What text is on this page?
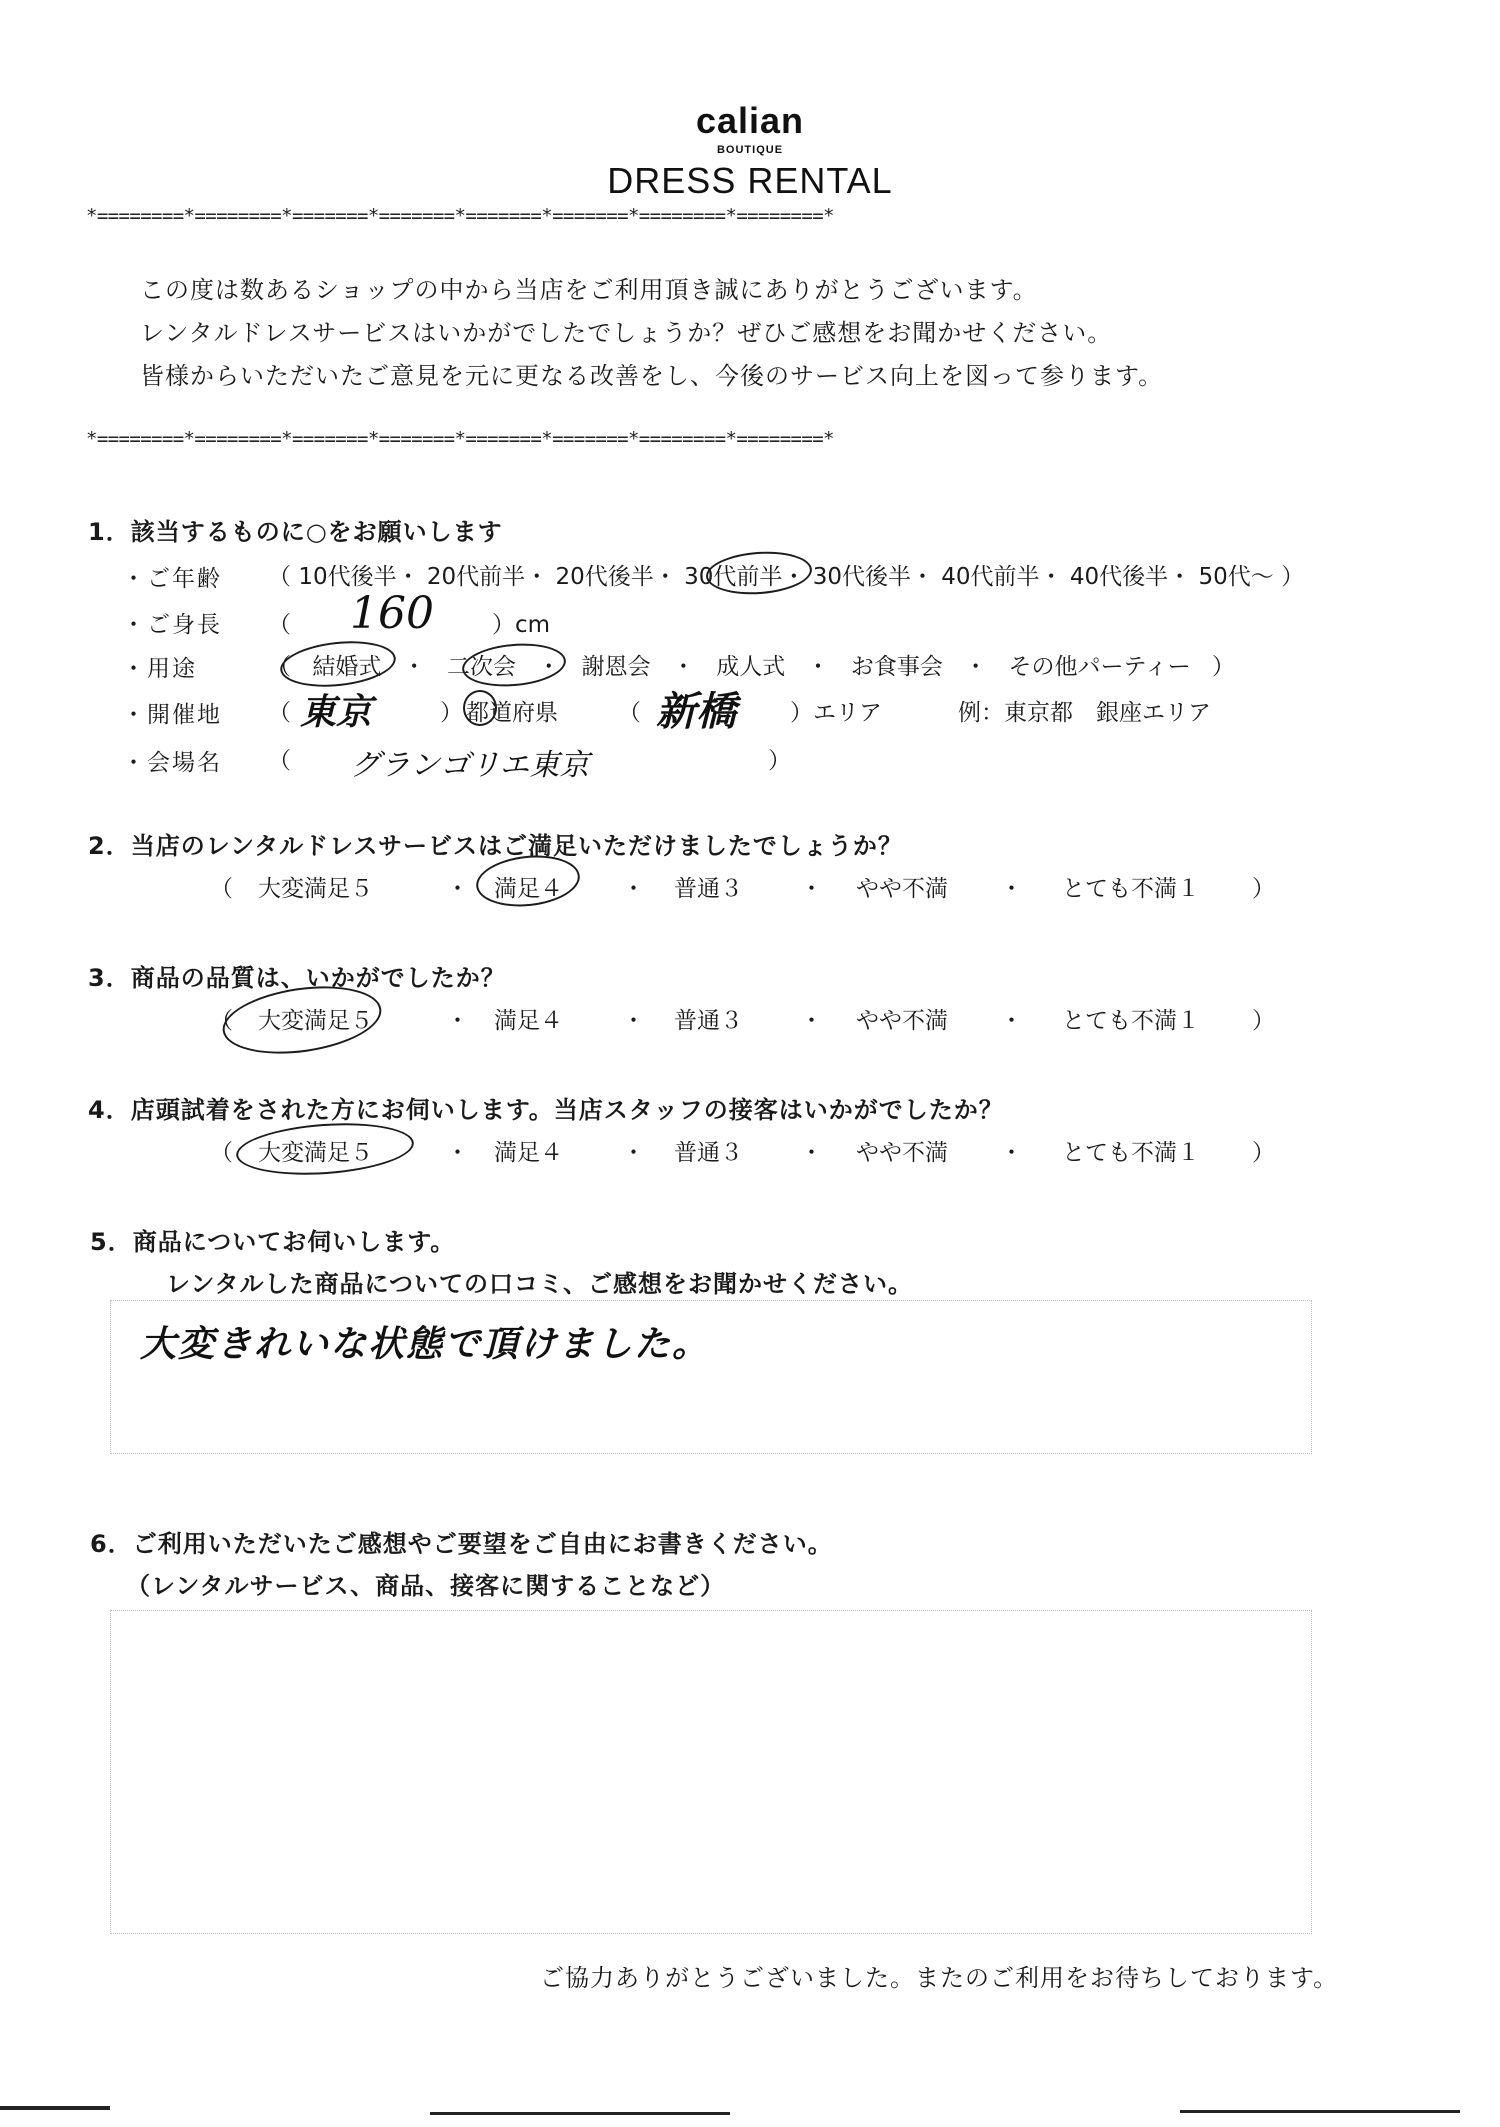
calian
BOUTIQUE
DRESS RENTAL
*========*========*=======*=======*=======*=======*========*========*
この度は数あるショップの中から当店をご利用頂き誠にありがとうございます。
レンタルドレスサービスはいかがでしたでしょうか？ぜひご感想をお聞かせください。
皆様からいただいたご意見を元に更なる改善をし、今後のサービス向上を図って参ります。
*========*========*=======*=======*=======*=======*========*========*
1．該当するものに○をお願いします
・ご年齢 （ 10代後半・ 20代前半・ 20代後半・ 30代前半・ 30代後半・ 40代前半・ 40代後半・ 50代～ ）
・ご身長 （ 160	）cm
・用途	（ 結婚式 ・ 二次会 ・ 謝恩会 ・ 成人式 ・ お食事会 ・ その他パーティー ）
・開催地 （ 東京	） 都道府県	（ 新橋 ）エリア	例：東京都　銀座エリア
・会場名 （ グランゴリエ東京	）
2．当店のレンタルドレスサービスはご満足いただけましたでしょうか？
（ 大変満足５	・ 満足４	・ 普通３ ・ やや不満 ・ とても不満１ ）
3．商品の品質は、いかがでしたか？
（ 大変満足５	・ 満足４	・ 普通３ ・ やや不満 ・ とても不満１ ）
4．店頭試着をされた方にお伺いします。当店スタッフの接客はいかがでしたか？
（ 大変満足５	・ 満足４	・ 普通３ ・ やや不満 ・ とても不満１ ）
5．商品についてお伺いします。
レンタルした商品についての口コミ、ご感想をお聞かせください。
大変きれいな状態で頂けました。
6．ご利用いただいたご感想やご要望をご自由にお書きください。
（レンタルサービス、商品、接客に関することなど）
ご協力ありがとうございました。またのご利用をお待ちしております。
